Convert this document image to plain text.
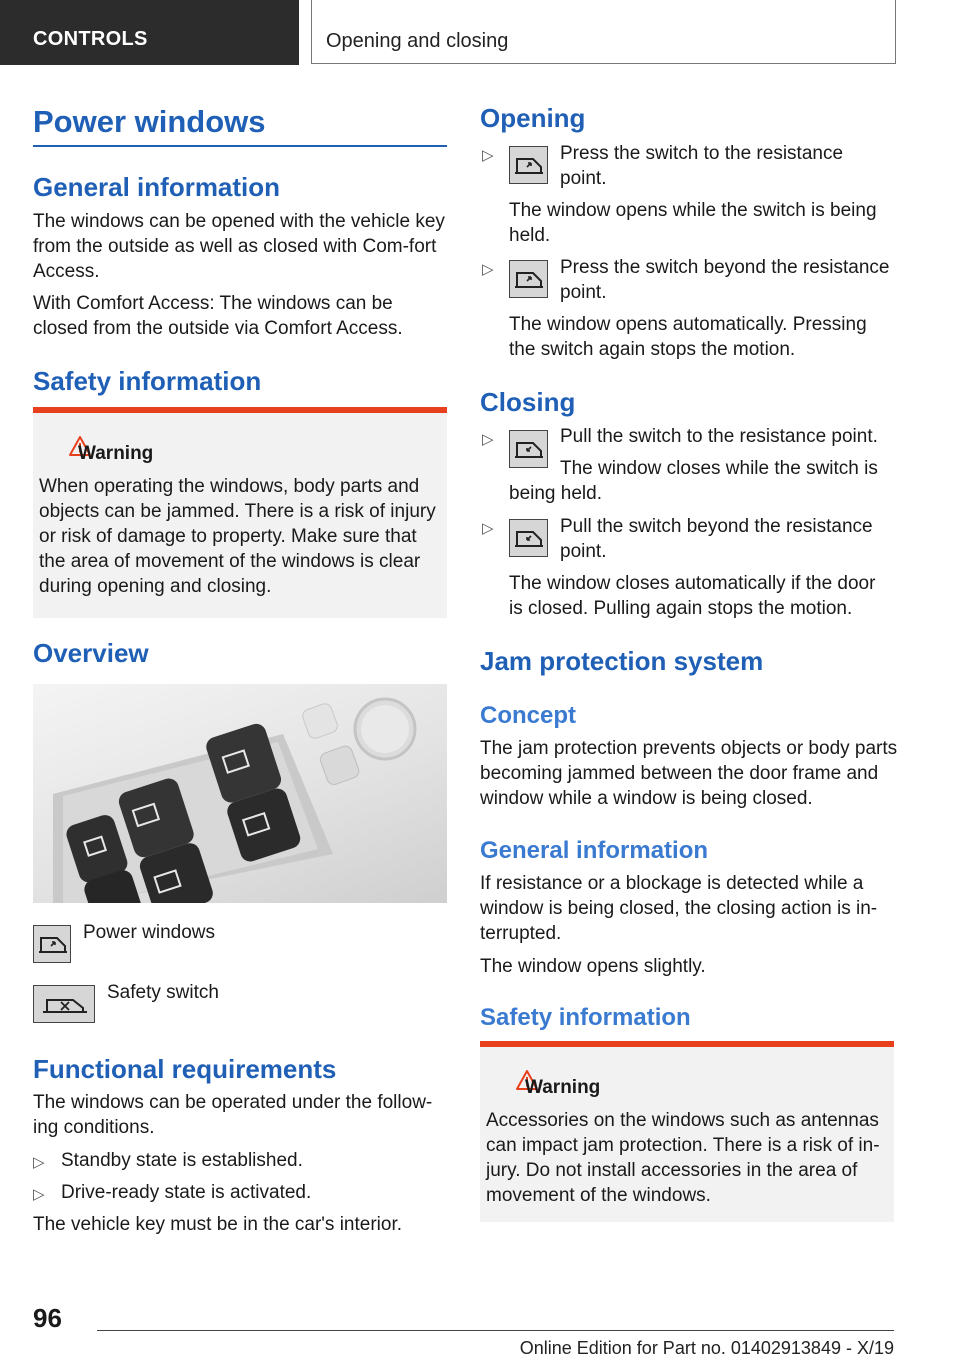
CONTROLS	Opening and closing
Power windows
General information
The windows can be opened with the vehicle key from the outside as well as closed with Com-fort Access.
With Comfort Access: The windows can be closed from the outside via Comfort Access.
Safety information
Warning
When operating the windows, body parts and objects can be jammed. There is a risk of injury or risk of damage to property. Make sure that the area of movement of the windows is clear during opening and closing.
Overview
Power windows
Safety switch
Functional requirements
The windows can be operated under the follow-ing conditions.
▷ Standby state is established.
▷ Drive-ready state is activated.
The vehicle key must be in the car's interior.
Opening
▷	Press the switch to the resistance point.
The window opens while the switch is being held.
▷	Press the switch beyond the resistance point.
The window opens automatically. Pressing the switch again stops the motion.
Closing
▷	Pull the switch to the resistance point.
The window closes while the switch is being held.
▷	Pull the switch beyond the resistance point.
The window closes automatically if the door is closed. Pulling again stops the motion.
Jam protection system
Concept
The jam protection prevents objects or body parts becoming jammed between the door frame and window while a window is being closed.
General information
If resistance or a blockage is detected while a window is being closed, the closing action is in-terrupted.
The window opens slightly.
Safety information
Warning
Accessories on the windows such as antennas can impact jam protection. There is a risk of in-jury. Do not install accessories in the area of movement of the windows.
96
Online Edition for Part no. 01402913849 - X/19
